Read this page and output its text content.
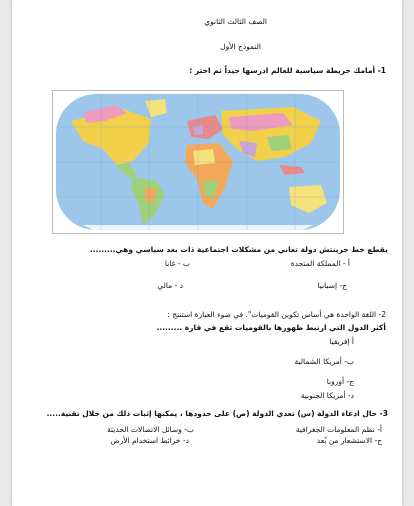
الصف الثالث الثانوي
النموذج الأول
1- أمامك خريطة سياسية للعالم ادرسها جيداً ثم اختر :
يقطع خط جرينتش دولة تعاني من مشكلات اجتماعية ذات بعد سياسي وهي.........
أ - المملكة المتحدة
ب - غانا
ج- إسبانيا
د - مالي
2- اللغة الواحدة هي أساس تكوين القوميات". في ضوء العبارة استنتج :
أكثر الدول التي ارتبط ظهورها بالقوميات تقع في قارة .........
أ إفريقيا
ب- أمريكا الشمالية
ج- أوروبا
د- أمريكا الجنوبية
3- حال ادعاء الدولة (س) تعدي الدولة (ص) على حدودها ، يمكنها إثبات ذلك من خلال تقنية.....
أ- نظم المعلومات الجغرافية
ب- وسائل الاتصالات الحديثة
ج- الاستشعار من بُعد
د- خرائط استخدام الأرض
